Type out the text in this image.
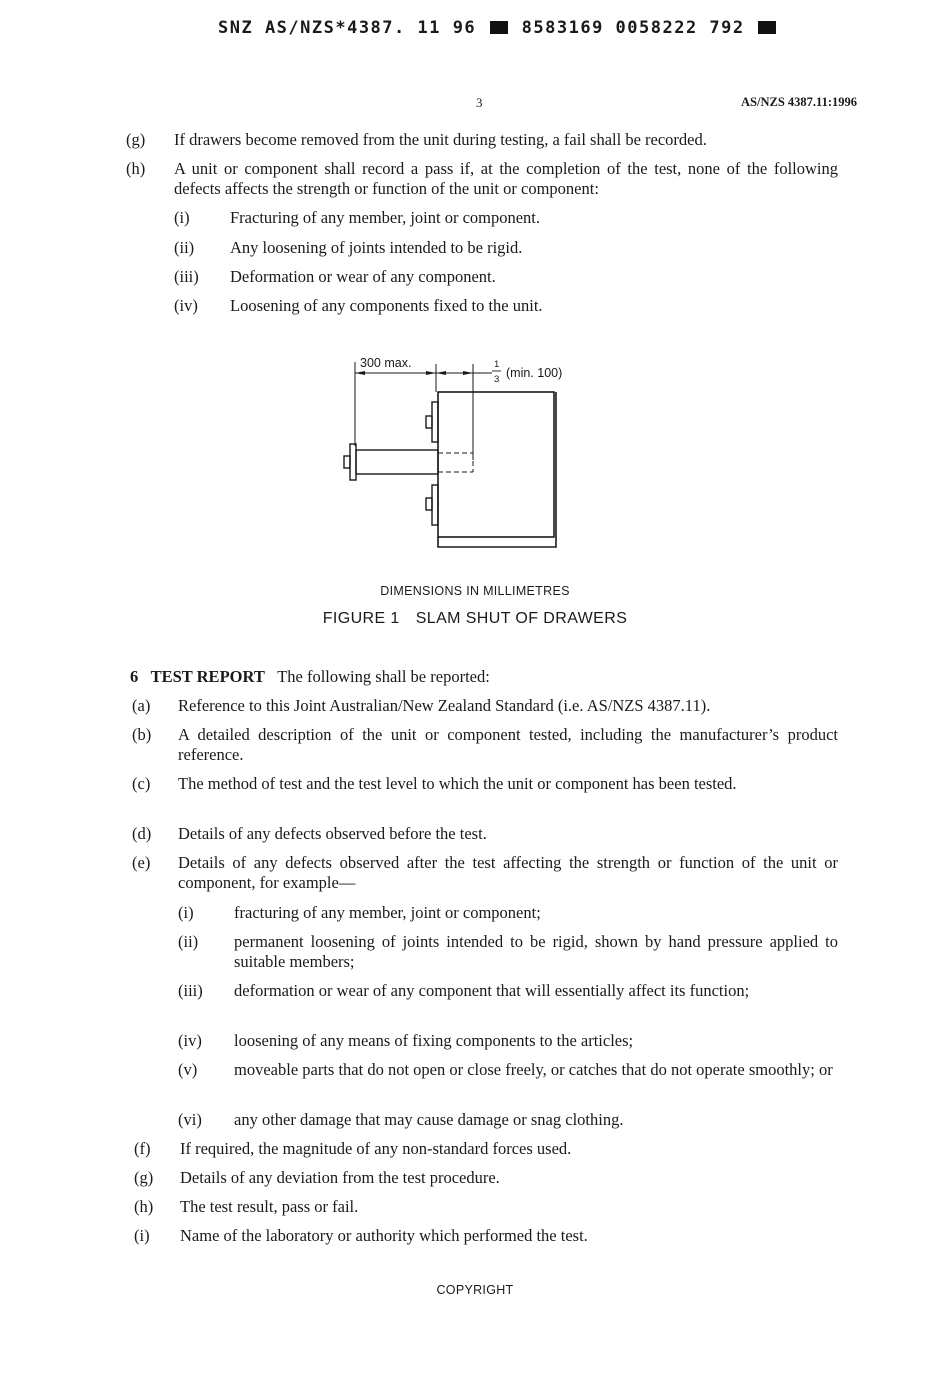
SNZ AS/NZS*4387. 11 96	8583169 0058222 792
3	AS/NZS 4387.11:1996
(g) If drawers become removed from the unit during testing, a fail shall be recorded.
(h) A unit or component shall record a pass if, at the completion of the test, none of the following defects affects the strength or function of the unit or component:
(i) Fracturing of any member, joint or component.
(ii) Any loosening of joints intended to be rigid.
(iii) Deformation or wear of any component.
(iv) Loosening of any components fixed to the unit.
300 max.	1
3 (min. 100)
DIMENSIONS IN MILLIMETRES
FIGURE 1 SLAM SHUT OF DRAWERS
6 TEST REPORT The following shall be reported:
(a) Reference to this Joint Australian/New Zealand Standard (i.e. AS/NZS 4387.11).
(b) A detailed description of the unit or component tested, including the manufacturer’s product reference.
(c) The method of test and the test level to which the unit or component has been tested.
(d) Details of any defects observed before the test.
(e) Details of any defects observed after the test affecting the strength or function of the unit or component, for example—
(i) fracturing of any member, joint or component;
(ii) permanent loosening of joints intended to be rigid, shown by hand pressure applied to suitable members;
(iii) deformation or wear of any component that will essentially affect its function;
(iv) loosening of any means of fixing components to the articles;
(v) moveable parts that do not open or close freely, or catches that do not operate smoothly; or
(vi) any other damage that may cause damage or snag clothing.
(f) If required, the magnitude of any non-standard forces used.
(g) Details of any deviation from the test procedure.
(h) The test result, pass or fail.
(i) Name of the laboratory or authority which performed the test.
COPYRIGHT
